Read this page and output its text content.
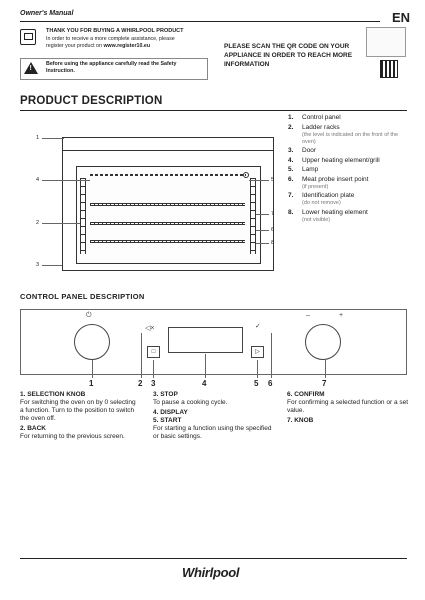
Owner's Manual	EN
THANK YOU FOR BUYING A WHIRLPOOL PRODUCT
In order to receive a more complete assistance, please
register your product on www.register10.eu
!
Before using the appliance carefully read the Safety Instruction.
PLEASE SCAN THE QR CODE ON YOUR APPLIANCE IN ORDER TO REACH MORE INFORMATION
PRODUCT DESCRIPTION
1
4
2
3
5
7
6
8
1.	Control panel
2.	Ladder racks
(the level is indicated on the front of the oven)
3.	Door
4.	Upper heating element/grill
5.	Lamp
6.	Meat probe insert point
(if present)
7.	Identification plate
(do not remove)
8.	Lower heating element
(not visible)
CONTROL PANEL DESCRIPTION
⏻
◁×
□
✓
▷
–	+
1	2 3	4	5 6	7
1. SELECTION KNOB
For switching the oven on by 0 selecting a function. Turn to the position to switch the oven off.
2. BACK
For returning to the previous screen.
3. STOP
To pause a cooking cycle.
4. DISPLAY
5. START
For starting a function using the specified or basic settings.
6. CONFIRM
For confirming a selected function or a set value.
7. KNOB
Whirlpool
